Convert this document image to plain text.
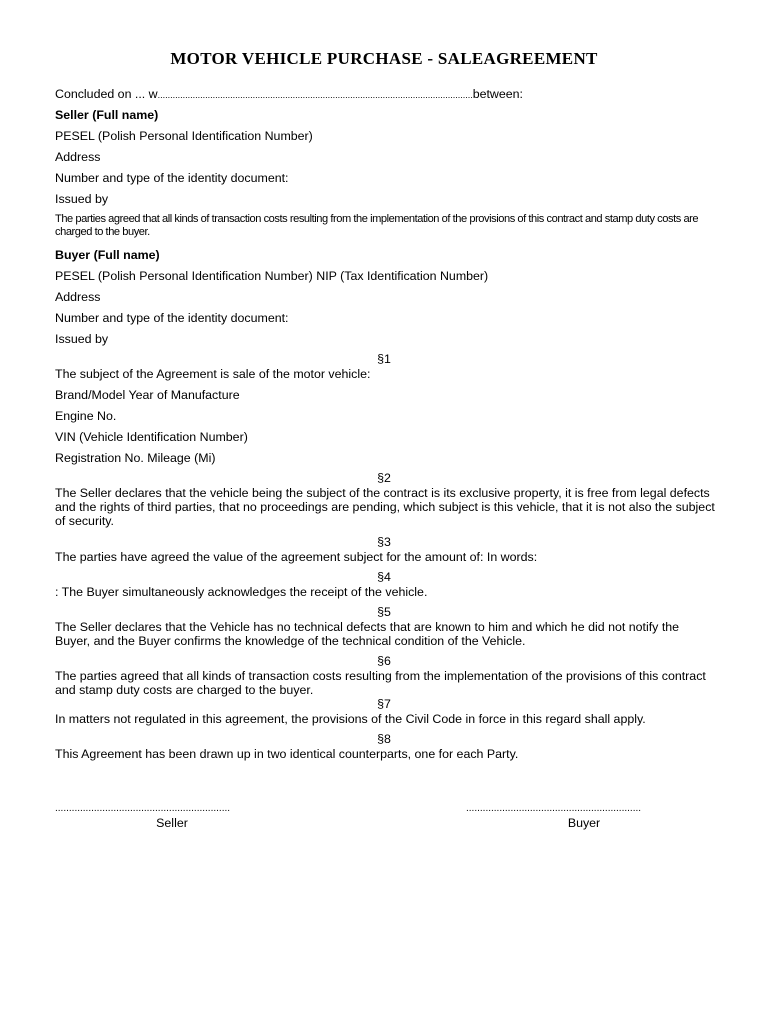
MOTOR VEHICLE PURCHASE - SALEAGREEMENT
Concluded on ... w..............................................................................................................................between:
Seller (Full name)
PESEL (Polish Personal Identification Number)
Address
Number and type of the identity document:
Issued by
The parties agreed that all kinds of transaction costs resulting from the implementation of the provisions of this contract and stamp duty costs are charged to the buyer.
Buyer (Full name)
PESEL (Polish Personal Identification Number) NIP (Tax Identification Number)
Address
Number and type of the identity document:
Issued by
§1
The subject of the Agreement is sale of the motor vehicle:
Brand/Model Year of Manufacture
Engine No.
VIN (Vehicle Identification Number)
Registration No. Mileage (Mi)
§2
The Seller declares that the vehicle being the subject of the contract is its exclusive property, it is free from legal defects and the rights of third parties, that no proceedings are pending, which subject is this vehicle, that it is not also the subject of security.
§3
The parties have agreed the value of the agreement subject for the amount of: In words:
§4
: The Buyer simultaneously acknowledges the receipt of the vehicle.
§5
The Seller declares that the Vehicle has no technical defects that are known to him and which he did not notify the Buyer, and the Buyer confirms the knowledge of the technical condition of the Vehicle.
§6
The parties agreed that all kinds of transaction costs resulting from the implementation of the provisions of this contract and stamp duty costs are charged to the buyer.
§7
In matters not regulated in this agreement, the provisions of the Civil Code in force in this regard shall apply.
§8
This Agreement has been drawn up in two identical counterparts, one for each Party.
...............................................................
Seller
...............................................................
Buyer
